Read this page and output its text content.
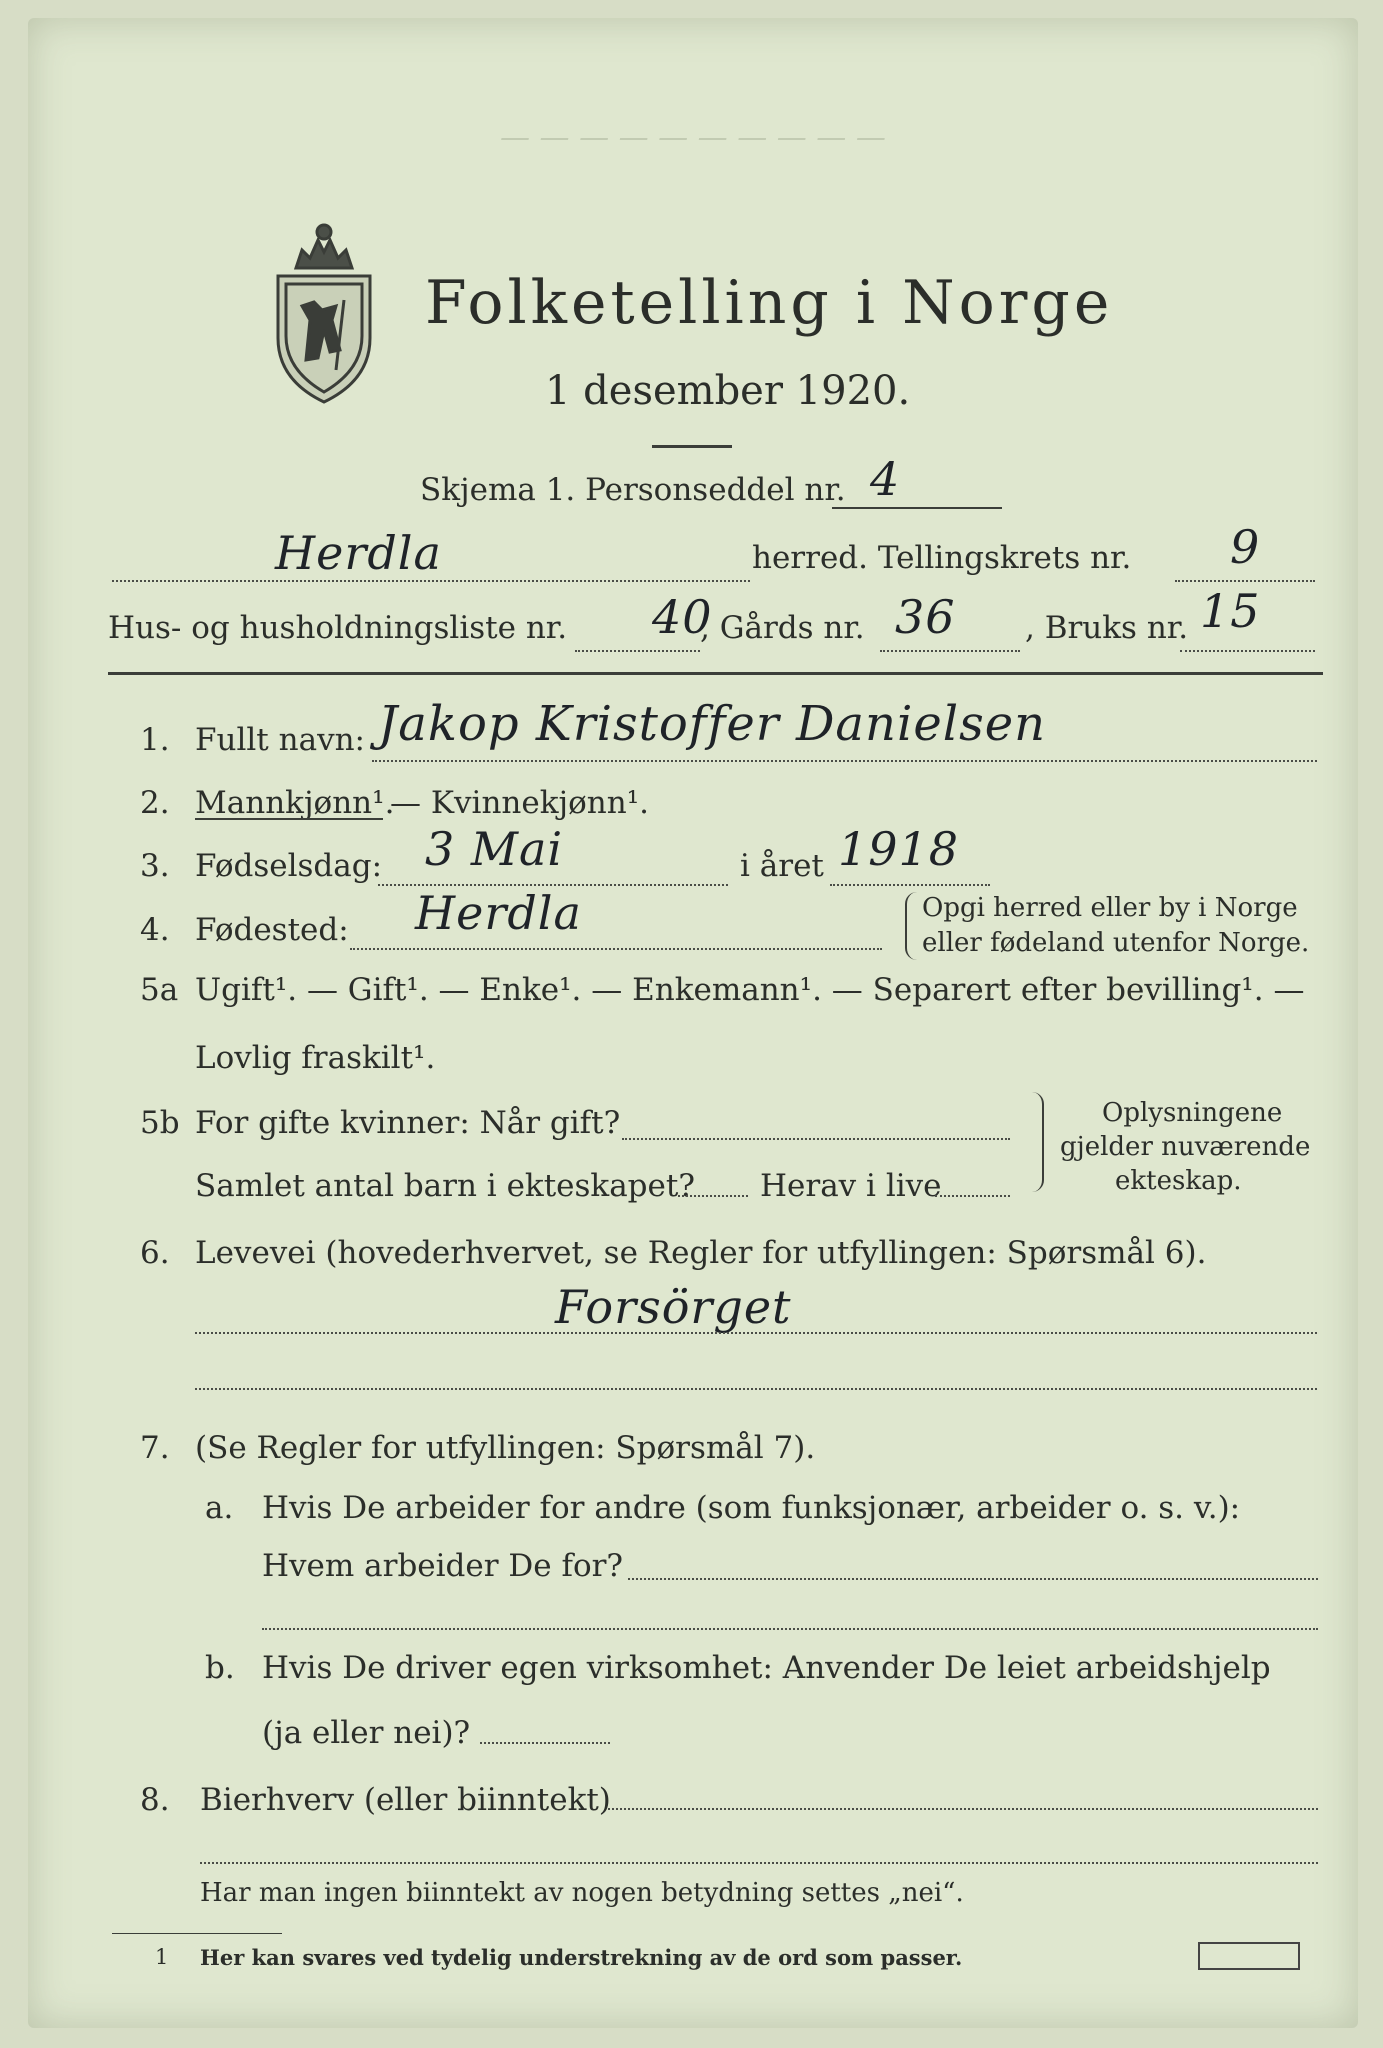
— — — — — — — — — —
Folketelling i Norge
1 desember 1920.
Skjema 1. Personseddel nr. 4
Herdla	herred. Tellingskrets nr. 9
Hus- og husholdningsliste nr. 40
, Gårds nr. 36 , Bruks nr. 15
1. Fullt navn: Jakop Kristoffer Danielsen
2. Mannkjønn¹.
— Kvinnekjønn¹.
3. Fødselsdag: 3 Mai	i året 1918
4. Fødested: Herdla	Opgi herred eller by i Norge
eller fødeland utenfor Norge.
5a Ugift¹. — Gift¹. — Enke¹. — Enkemann¹. — Separert efter bevilling¹. —
Lovlig fraskilt¹.
5b For gifte kvinner: Når gift?
Samlet antal barn i ekteskapet? Herav i live
Oplysningene
gjelder nuværende
ekteskap.
6. Levevei (hovederhvervet, se Regler for utfyllingen: Spørsmål 6).
Forsörget
7. (Se Regler for utfyllingen: Spørsmål 7).
a. Hvis De arbeider for andre (som funksjonær, arbeider o. s. v.):
Hvem arbeider De for?
b. Hvis De driver egen virksomhet: Anvender De leiet arbeidshjelp
(ja eller nei)?
8. Bierhverv (eller biinntekt)
Har man ingen biinntekt av nogen betydning settes „nei“.
1 Her kan svares ved tydelig understrekning av de ord som passer.
